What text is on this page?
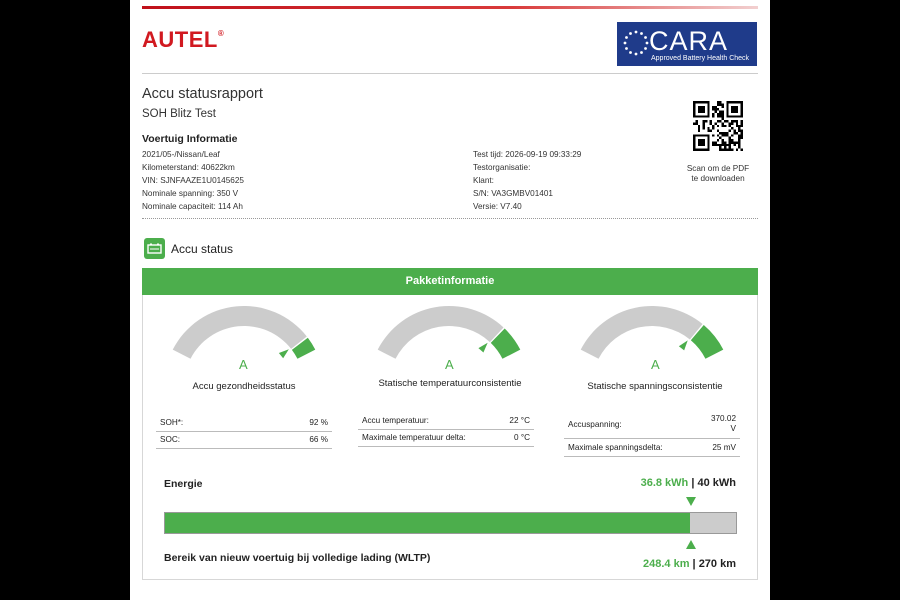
AUTEL®	CARA
Approved Battery Health Check
Accu statusrapport
SOH Blitz Test
Voertuig Informatie
2021/05-/Nissan/Leaf
Kilometerstand: 40622km
VIN: SJNFAAZE1U0145625
Nominale spanning: 350 V
Nominale capaciteit: 114 Ah
Test tijd: 2026-09-19 09:33:29
Testorganisatie:
Klant:
S/N: VA3GMBV01401
Versie: V7.40
Scan om de PDF
te downloaden
Accu status
Pakketinformatie
A
Accu gezondheidsstatus
A
Statische temperatuurconsistentie
A
Statische spanningsconsistentie
SOH*:	92 %
SOC:	66 %
Accu temperatuur:	22 °C
Maximale temperatuur delta:	0 °C
Accuspanning:
370.02
V
Maximale spanningsdelta:	25 mV
Energie	36.8 kWh | 40 kWh
Bereik van nieuw voertuig bij volledige lading (WLTP)	248.4 km | 270 km
